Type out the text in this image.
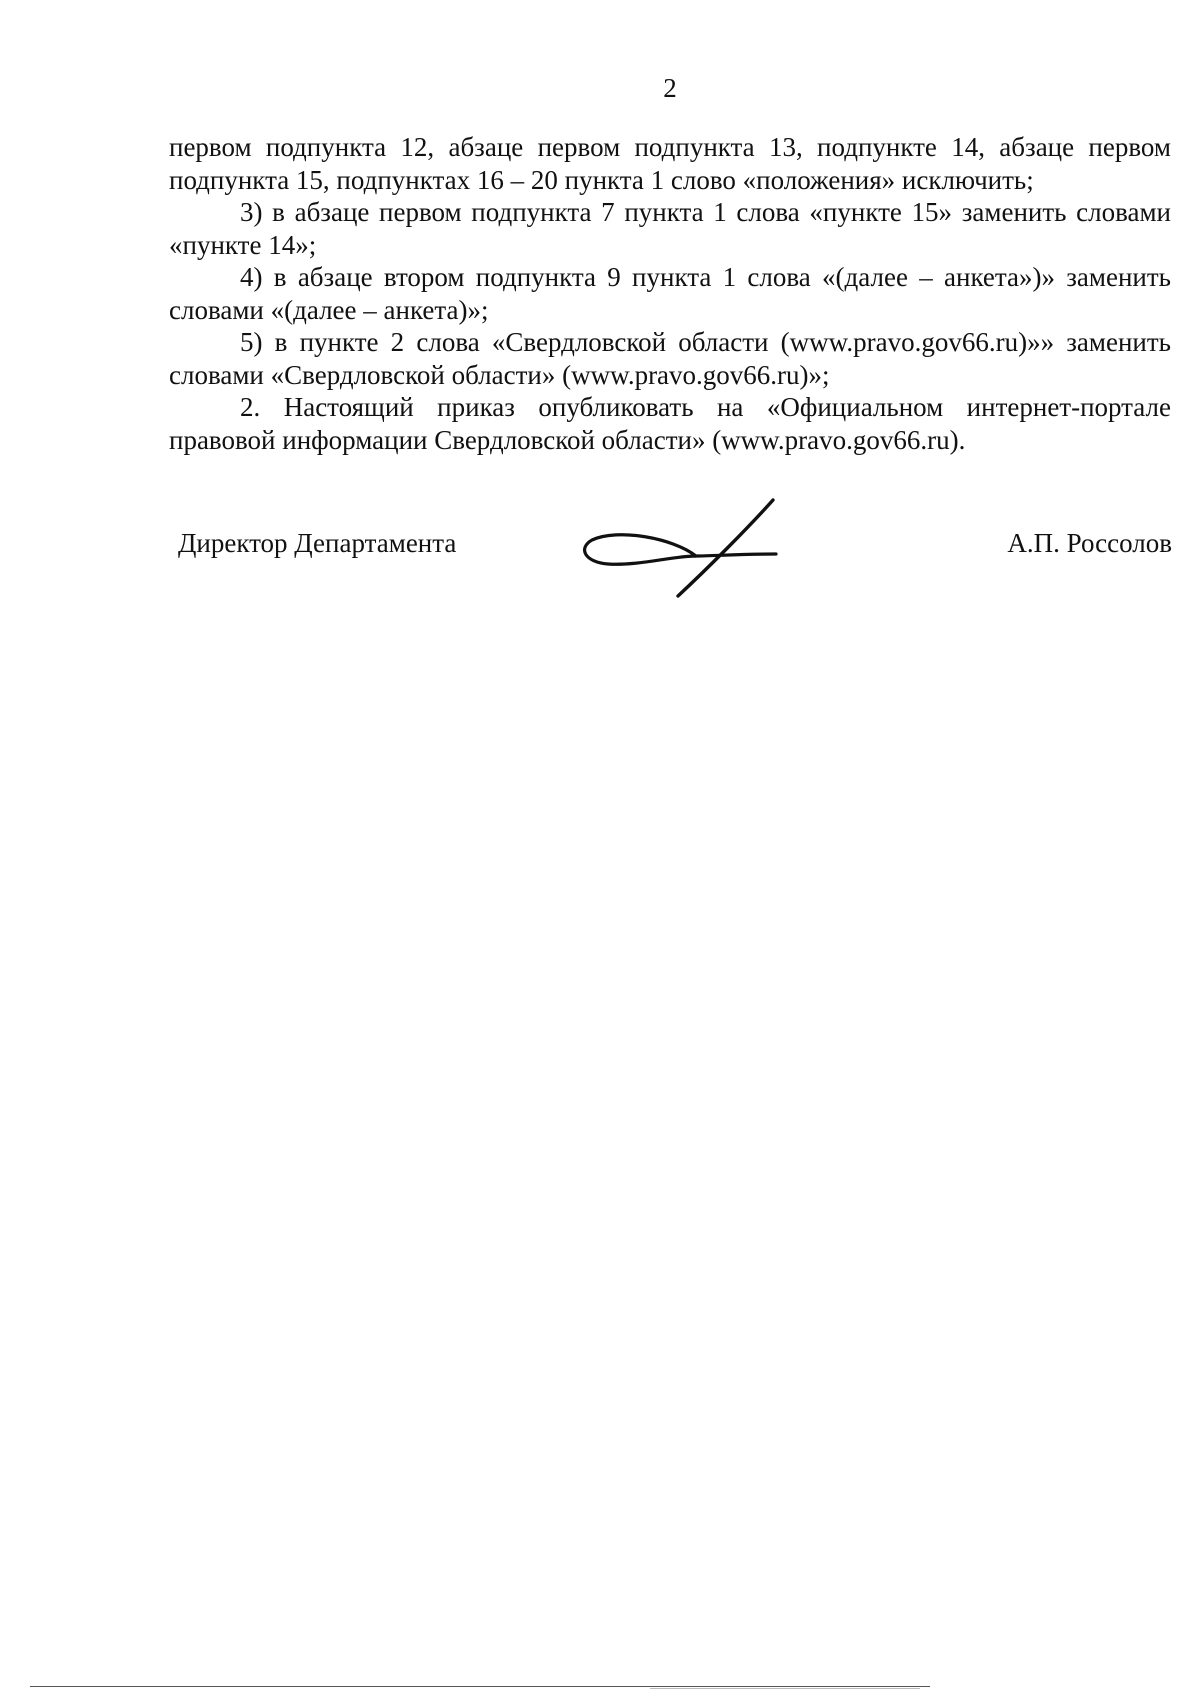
2

первом подпункта 12, абзаце первом подпункта 13, подпункте 14, абзаце первом подпункта 15, подпунктах 16 – 20 пункта 1 слово «положения» исключить;

3) в абзаце первом подпункта 7 пункта 1 слова «пункте 15» заменить словами «пункте 14»;

4) в абзаце втором подпункта 9 пункта 1 слова «(далее – анкета»)» заменить словами «(далее – анкета)»;

5) в пункте 2 слова «Свердловской области (www.pravo.gov66.ru)»» заменить словами «Свердловской области» (www.pravo.gov66.ru)»;

2. Настоящий приказ опубликовать на «Официальном интернет-портале правовой информации Свердловской области» (www.pravo.gov66.ru).

Директор Департамента	А.П. Россолов
